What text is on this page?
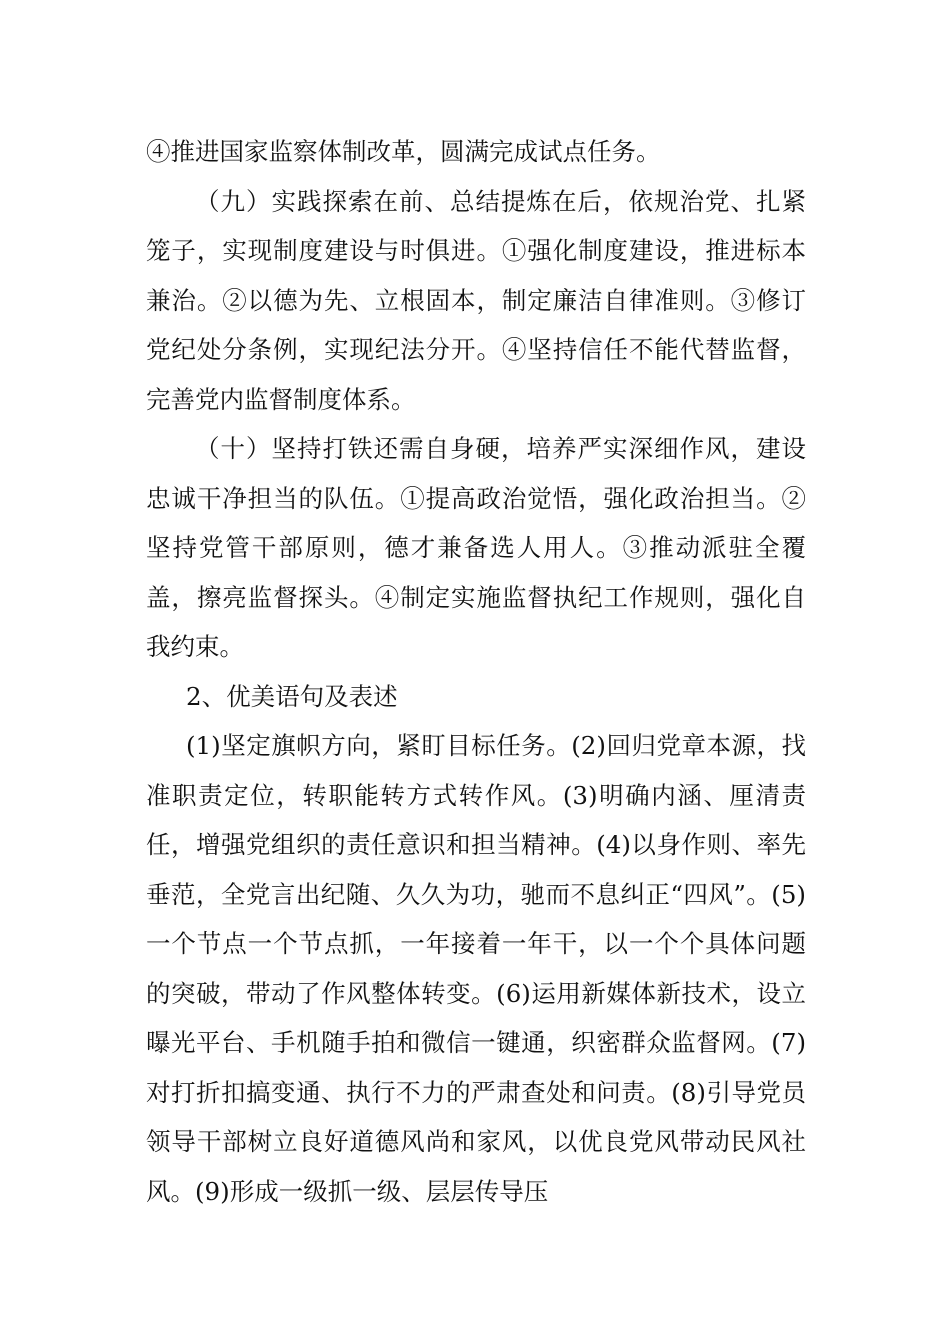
④推进国家监察体制改革，圆满完成试点任务。

（九）实践探索在前、总结提炼在后，依规治党、扎紧笼子，实现制度建设与时俱进。①强化制度建设，推进标本兼治。②以德为先、立根固本，制定廉洁自律准则。③修订党纪处分条例，实现纪法分开。④坚持信任不能代替监督，完善党内监督制度体系。

（十）坚持打铁还需自身硬，培养严实深细作风，建设忠诚干净担当的队伍。①提高政治觉悟，强化政治担当。②坚持党管干部原则，德才兼备选人用人。③推动派驻全覆盖，擦亮监督探头。④制定实施监督执纪工作规则，强化自我约束。

2、优美语句及表述

(1)坚定旗帜方向，紧盯目标任务。(2)回归党章本源，找准职责定位，转职能转方式转作风。(3)明确内涵、厘清责任，增强党组织的责任意识和担当精神。(4)以身作则、率先垂范，全党言出纪随、久久为功，驰而不息纠正“四风”。(5)一个节点一个节点抓，一年接着一年干，以一个个具体问题的突破，带动了作风整体转变。(6)运用新媒体新技术，设立曝光平台、手机随手拍和微信一键通，织密群众监督网。(7)对打折扣搞变通、执行不力的严肃查处和问责。(8)引导党员领导干部树立良好道德风尚和家风，以优良党风带动民风社风。(9)形成一级抓一级、层层传导压
